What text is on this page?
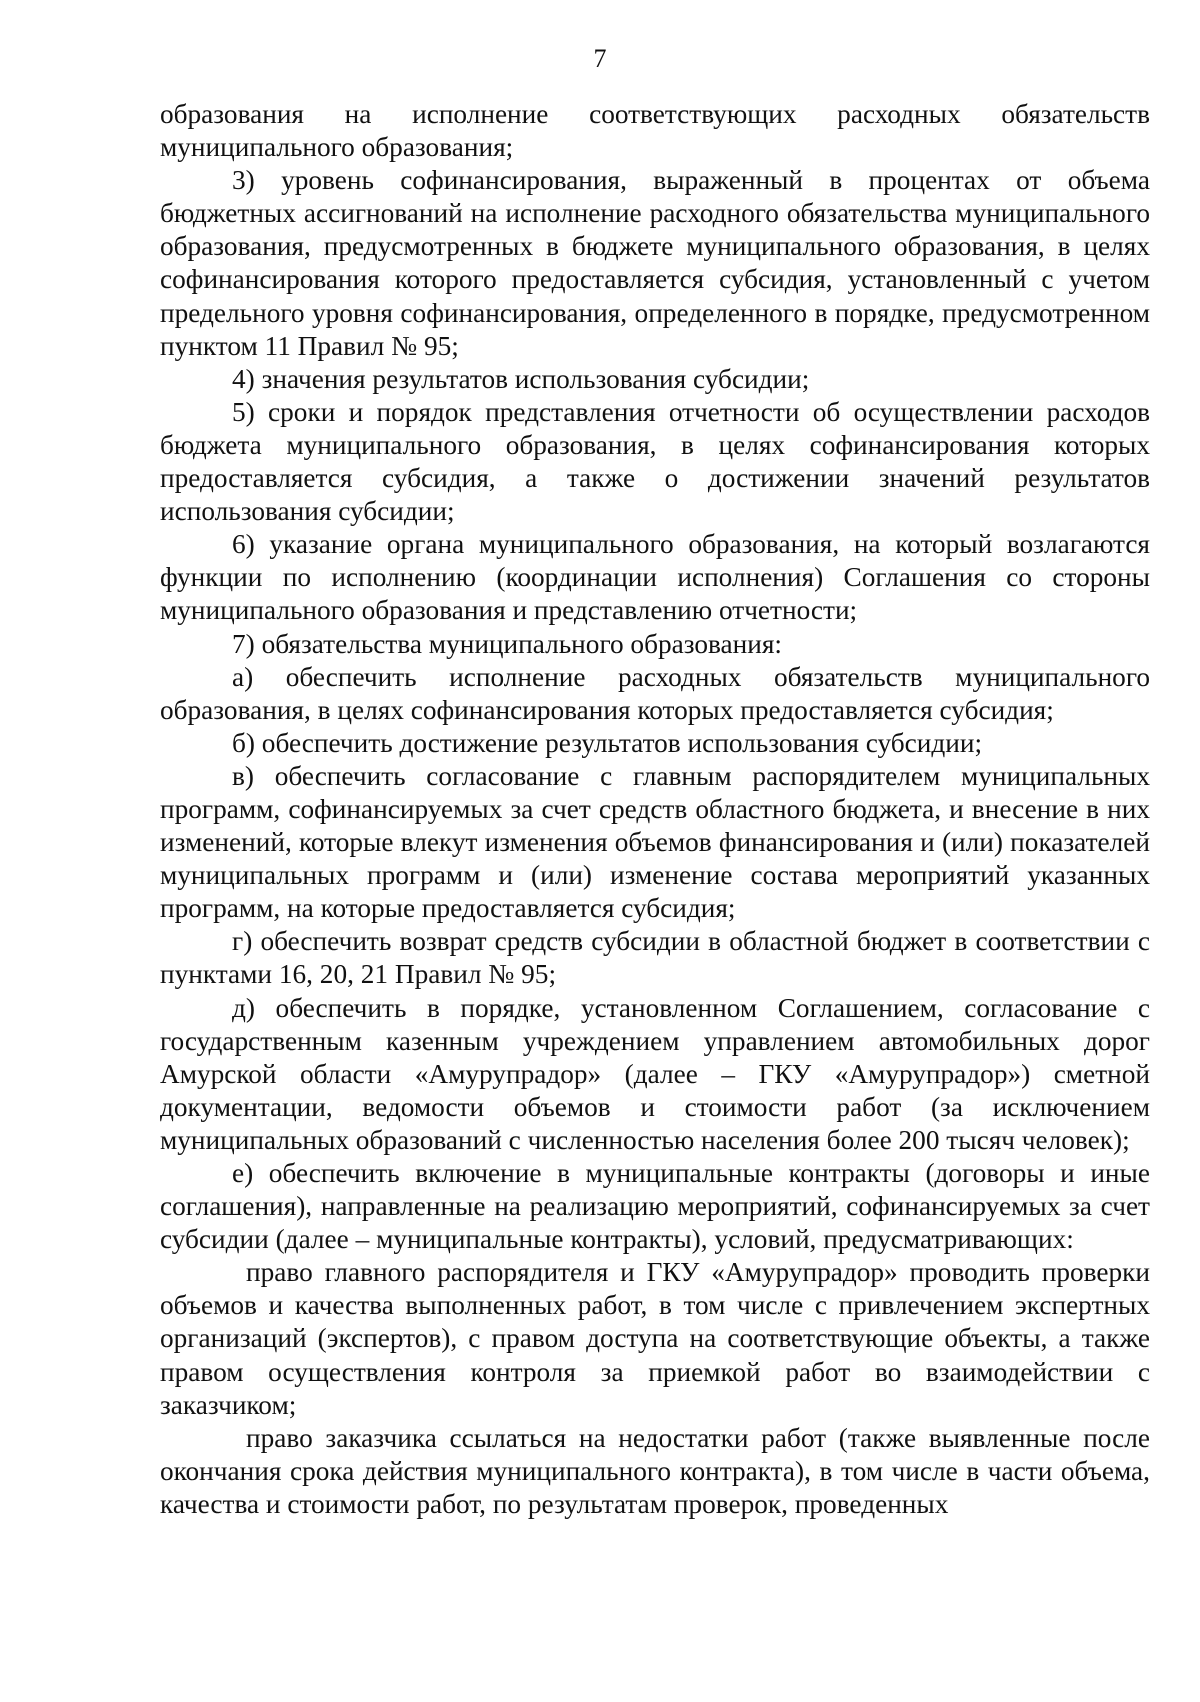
7

образования на исполнение соответствующих расходных обязательств муниципального образования;

3) уровень софинансирования, выраженный в процентах от объема бюджетных ассигнований на исполнение расходного обязательства муниципального образования, предусмотренных в бюджете муниципального образования, в целях софинансирования которого предоставляется субсидия, установленный с учетом предельного уровня софинансирования, определенного в порядке, предусмотренном пунктом 11 Правил № 95;

4) значения результатов использования субсидии;

5) сроки и порядок представления отчетности об осуществлении расходов бюджета муниципального образования, в целях софинансирования которых предоставляется субсидия, а также о достижении значений результатов использования субсидии;

6) указание органа муниципального образования, на который возлагаются функции по исполнению (координации исполнения) Соглашения со стороны муниципального образования и представлению отчетности;

7) обязательства муниципального образования:

а) обеспечить исполнение расходных обязательств муниципального образования, в целях софинансирования которых предоставляется субсидия;

б) обеспечить достижение результатов использования субсидии;

в) обеспечить согласование с главным распорядителем муниципальных программ, софинансируемых за счет средств областного бюджета, и внесение в них изменений, которые влекут изменения объемов финансирования и (или) показателей муниципальных программ и (или) изменение состава мероприятий указанных программ, на которые предоставляется субсидия;

г) обеспечить возврат средств субсидии в областной бюджет в соответствии с пунктами 16, 20, 21 Правил № 95;

д) обеспечить в порядке, установленном Соглашением, согласование с государственным казенным учреждением управлением автомобильных дорог Амурской области «Амурупрадор» (далее – ГКУ «Амурупрадор») сметной документации, ведомости объемов и стоимости работ (за исключением муниципальных образований с численностью населения более 200 тысяч человек);

е) обеспечить включение в муниципальные контракты (договоры и иные соглашения), направленные на реализацию мероприятий, софинансируемых за счет субсидии (далее – муниципальные контракты), условий, предусматривающих:

право главного распорядителя и ГКУ «Амурупрадор» проводить проверки объемов и качества выполненных работ, в том числе с привлечением экспертных организаций (экспертов), с правом доступа на соответствующие объекты, а также правом осуществления контроля за приемкой работ во взаимодействии с заказчиком;

право заказчика ссылаться на недостатки работ (также выявленные после окончания срока действия муниципального контракта), в том числе в части объема, качества и стоимости работ, по результатам проверок, проведенных
